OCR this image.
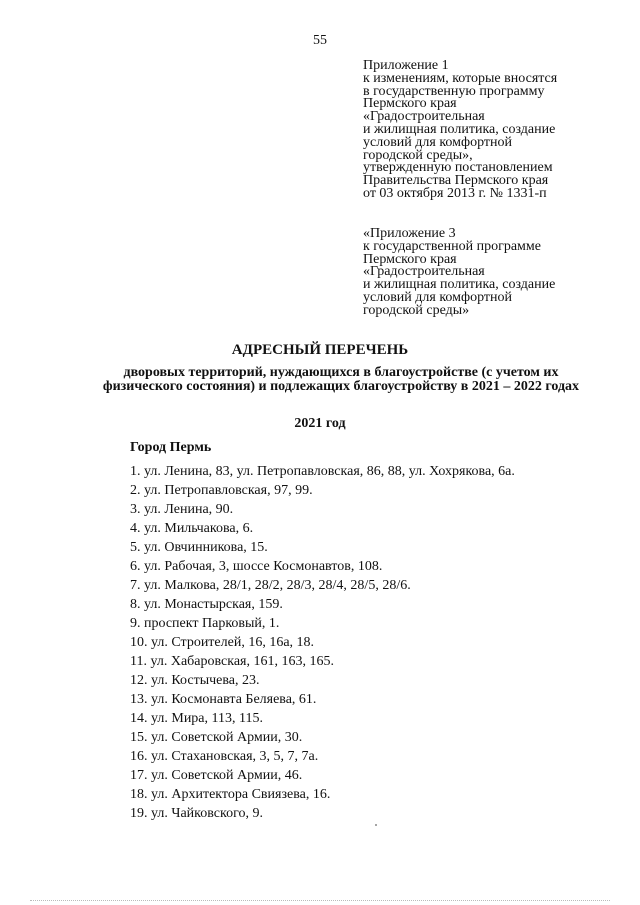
55
Приложение 1
к изменениям, которые вносятся
в государственную программу
Пермского края
«Градостроительная
и жилищная политика, создание
условий для комфортной
городской среды»,
утвержденную постановлением
Правительства Пермского края
от 03 октября 2013 г. № 1331-п
«Приложение 3
к государственной программе
Пермского края
«Градостроительная
и жилищная политика, создание
условий для комфортной
городской среды»
АДРЕСНЫЙ ПЕРЕЧЕНЬ
дворовых территорий, нуждающихся в благоустройстве (с учетом их физического состояния) и подлежащих благоустройству в 2021 – 2022 годах
2021 год
Город Пермь
1. ул. Ленина, 83, ул. Петропавловская, 86, 88, ул. Хохрякова, 6а.
2. ул. Петропавловская, 97, 99.
3. ул. Ленина, 90.
4. ул. Мильчакова, 6.
5. ул. Овчинникова, 15.
6. ул. Рабочая, 3, шоссе Космонавтов, 108.
7. ул. Малкова, 28/1, 28/2, 28/3, 28/4, 28/5, 28/6.
8. ул. Монастырская, 159.
9. проспект Парковый, 1.
10. ул. Строителей, 16, 16а, 18.
11. ул. Хабаровская, 161, 163, 165.
12. ул. Костычева, 23.
13. ул. Космонавта Беляева, 61.
14. ул. Мира, 113, 115.
15. ул. Советской Армии, 30.
16. ул. Стахановская, 3, 5, 7, 7а.
17. ул. Советской Армии, 46.
18. ул. Архитектора Свиязева, 16.
19. ул. Чайковского, 9.
